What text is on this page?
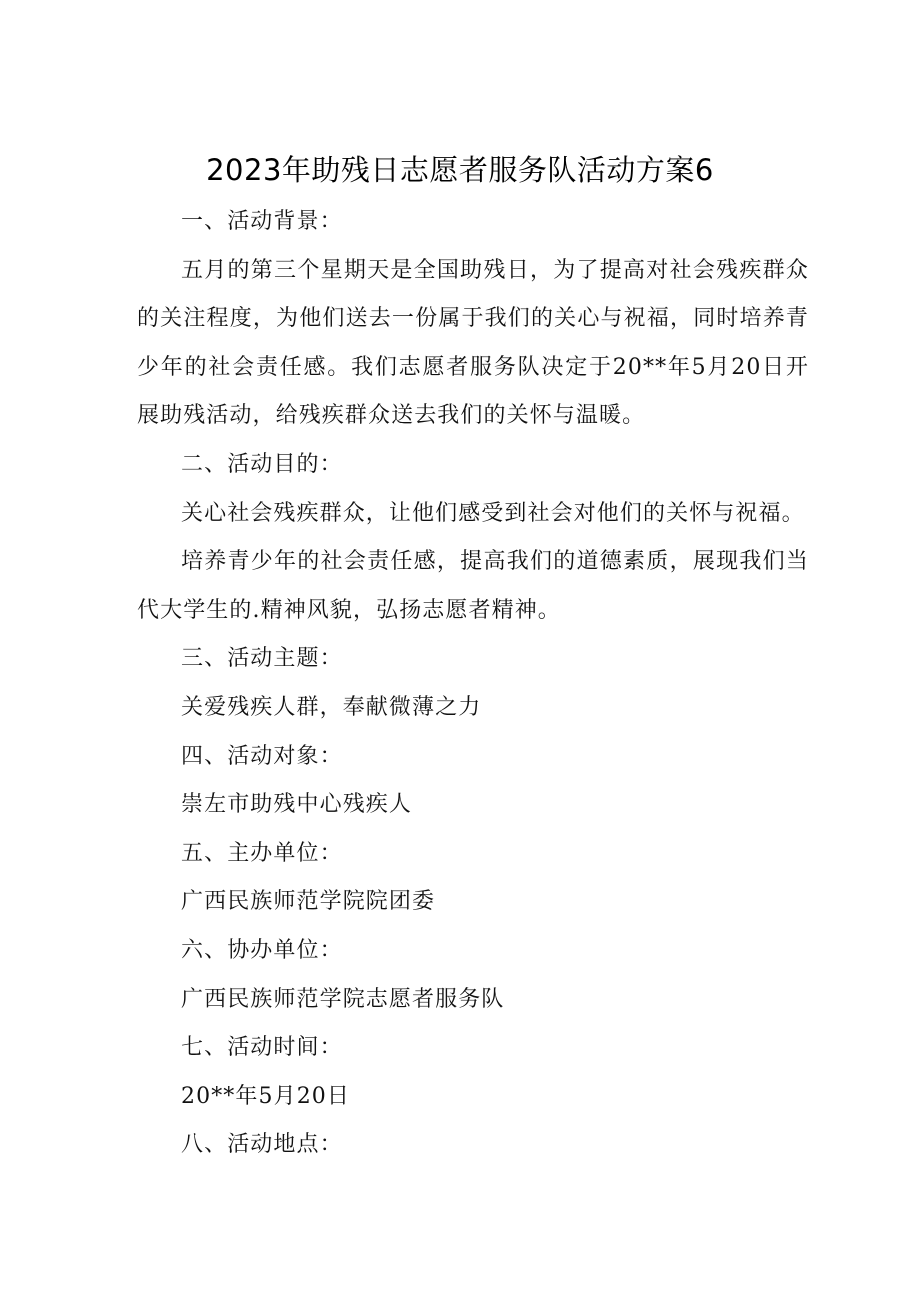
2023年助残日志愿者服务队活动方案6

一、活动背景：

五月的第三个星期天是全国助残日，为了提高对社会残疾群众的关注程度，为他们送去一份属于我们的关心与祝福，同时培养青少年的社会责任感。我们志愿者服务队决定于20**年5月20日开展助残活动，给残疾群众送去我们的关怀与温暖。

二、活动目的：

关心社会残疾群众，让他们感受到社会对他们的关怀与祝福。

培养青少年的社会责任感，提高我们的道德素质，展现我们当代大学生的.精神风貌，弘扬志愿者精神。

三、活动主题：

关爱残疾人群，奉献微薄之力

四、活动对象：

崇左市助残中心残疾人

五、主办单位：

广西民族师范学院院团委

六、协办单位：

广西民族师范学院志愿者服务队

七、活动时间：

20**年5月20日

八、活动地点：
